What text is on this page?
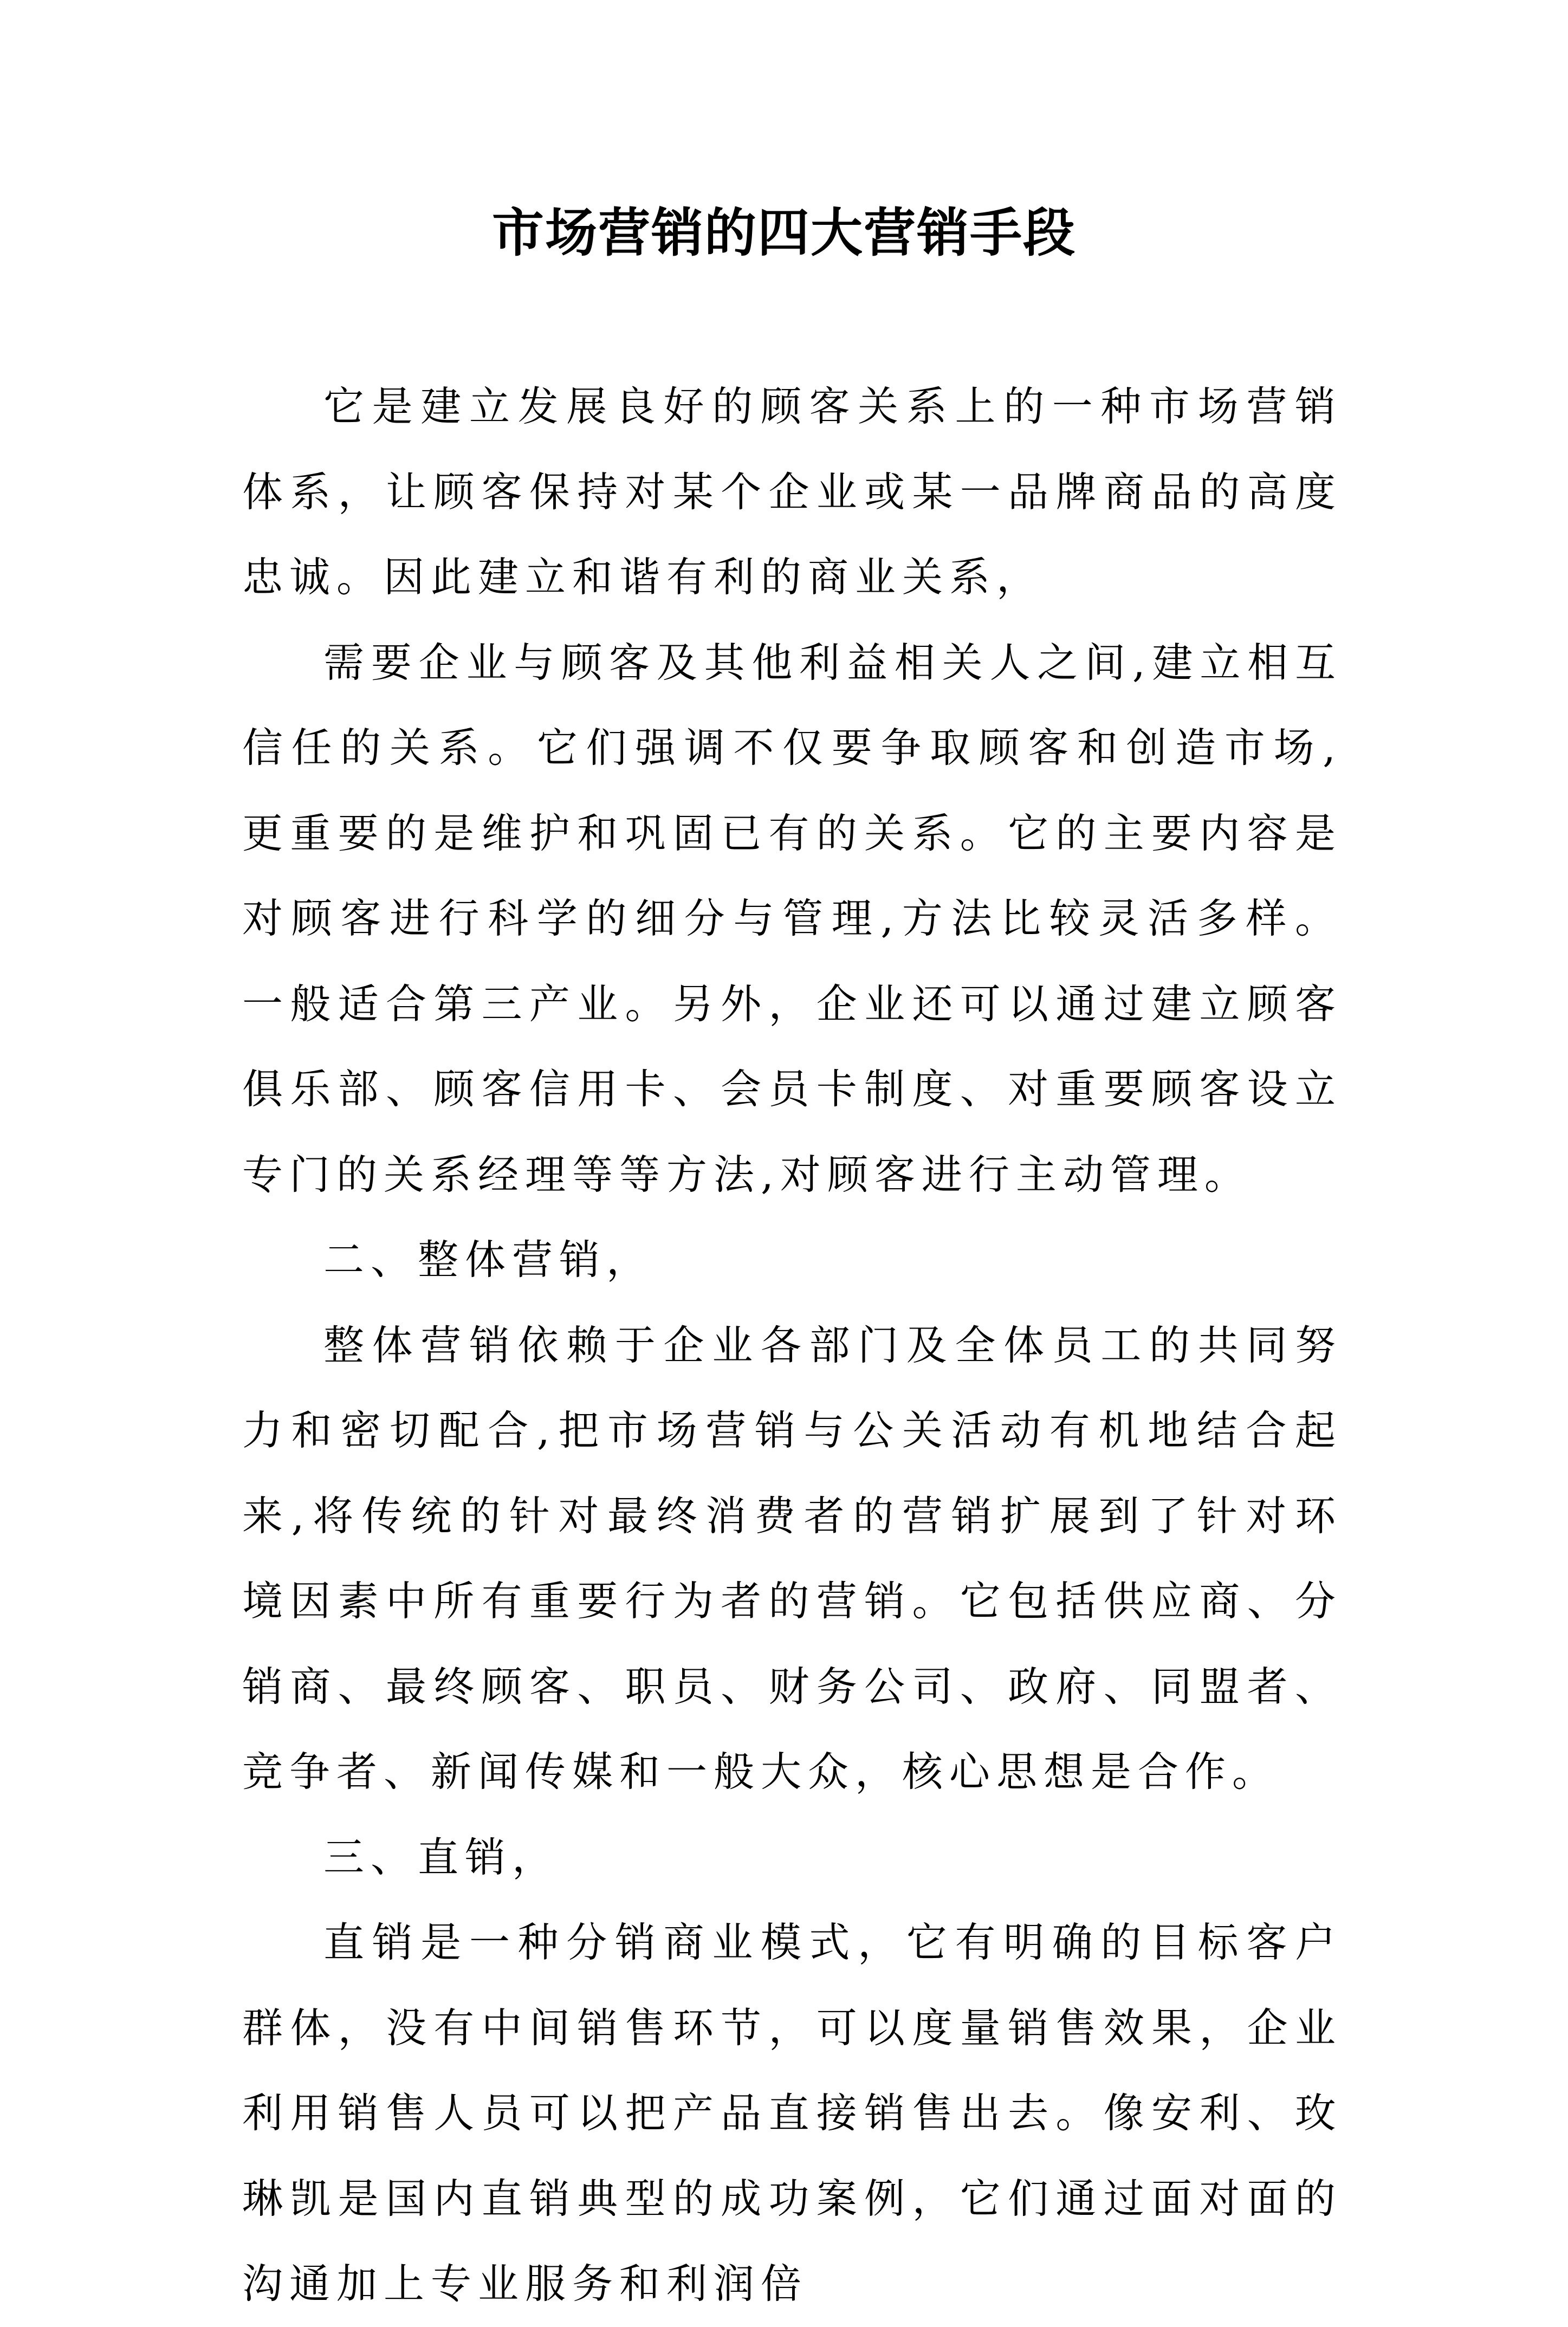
市场营销的四大营销手段

它是建立发展良好的顾客关系上的一种市场营销体系，让顾客保持对某个企业或某一品牌商品的高度忠诚。因此建立和谐有利的商业关系，

需要企业与顾客及其他利益相关人之间,建立相互信任的关系。它们强调不仅要争取顾客和创造市场,更重要的是维护和巩固已有的关系。它的主要内容是对顾客进行科学的细分与管理,方法比较灵活多样。一般适合第三产业。另外，企业还可以通过建立顾客俱乐部、顾客信用卡、会员卡制度、对重要顾客设立专门的关系经理等等方法,对顾客进行主动管理。

二、整体营销，

整体营销依赖于企业各部门及全体员工的共同努力和密切配合,把市场营销与公关活动有机地结合起来,将传统的针对最终消费者的营销扩展到了针对环境因素中所有重要行为者的营销。它包括供应商、分销商、最终顾客、职员、财务公司、政府、同盟者、竞争者、新闻传媒和一般大众，核心思想是合作。

三、直销，

直销是一种分销商业模式，它有明确的目标客户群体，没有中间销售环节，可以度量销售效果，企业利用销售人员可以把产品直接销售出去。像安利、玫琳凯是国内直销典型的成功案例，它们通过面对面的沟通加上专业服务和利润倍
